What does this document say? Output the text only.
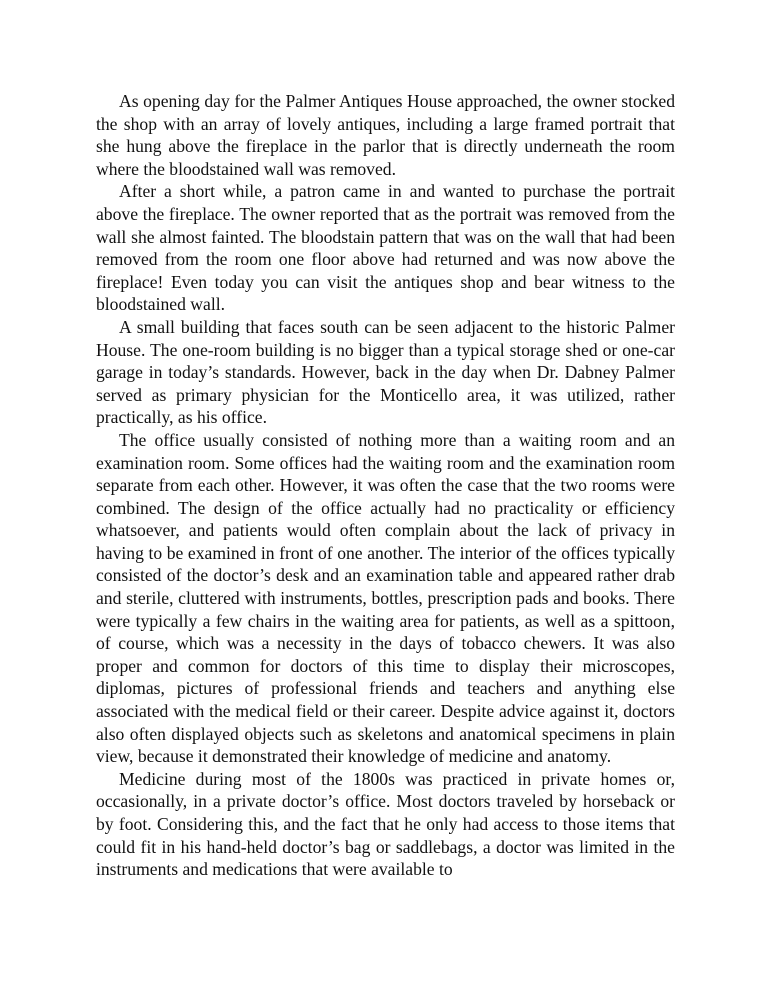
As opening day for the Palmer Antiques House approached, the owner stocked the shop with an array of lovely antiques, including a large framed portrait that she hung above the fireplace in the parlor that is directly underneath the room where the bloodstained wall was removed.

After a short while, a patron came in and wanted to purchase the portrait above the fireplace. The owner reported that as the portrait was removed from the wall she almost fainted. The bloodstain pattern that was on the wall that had been removed from the room one floor above had returned and was now above the fireplace! Even today you can visit the antiques shop and bear witness to the bloodstained wall.

A small building that faces south can be seen adjacent to the historic Palmer House. The one-room building is no bigger than a typical storage shed or one-car garage in today’s standards. However, back in the day when Dr. Dabney Palmer served as primary physician for the Monticello area, it was utilized, rather practically, as his office.

The office usually consisted of nothing more than a waiting room and an examination room. Some offices had the waiting room and the examination room separate from each other. However, it was often the case that the two rooms were combined. The design of the office actually had no practicality or efficiency whatsoever, and patients would often complain about the lack of privacy in having to be examined in front of one another. The interior of the offices typically consisted of the doctor’s desk and an examination table and appeared rather drab and sterile, cluttered with instruments, bottles, prescription pads and books. There were typically a few chairs in the waiting area for patients, as well as a spittoon, of course, which was a necessity in the days of tobacco chewers. It was also proper and common for doctors of this time to display their microscopes, diplomas, pictures of professional friends and teachers and anything else associated with the medical field or their career. Despite advice against it, doctors also often displayed objects such as skeletons and anatomical specimens in plain view, because it demonstrated their knowledge of medicine and anatomy.

Medicine during most of the 1800s was practiced in private homes or, occasionally, in a private doctor’s office. Most doctors traveled by horseback or by foot. Considering this, and the fact that he only had access to those items that could fit in his hand-held doctor’s bag or saddlebags, a doctor was limited in the instruments and medications that were available to
